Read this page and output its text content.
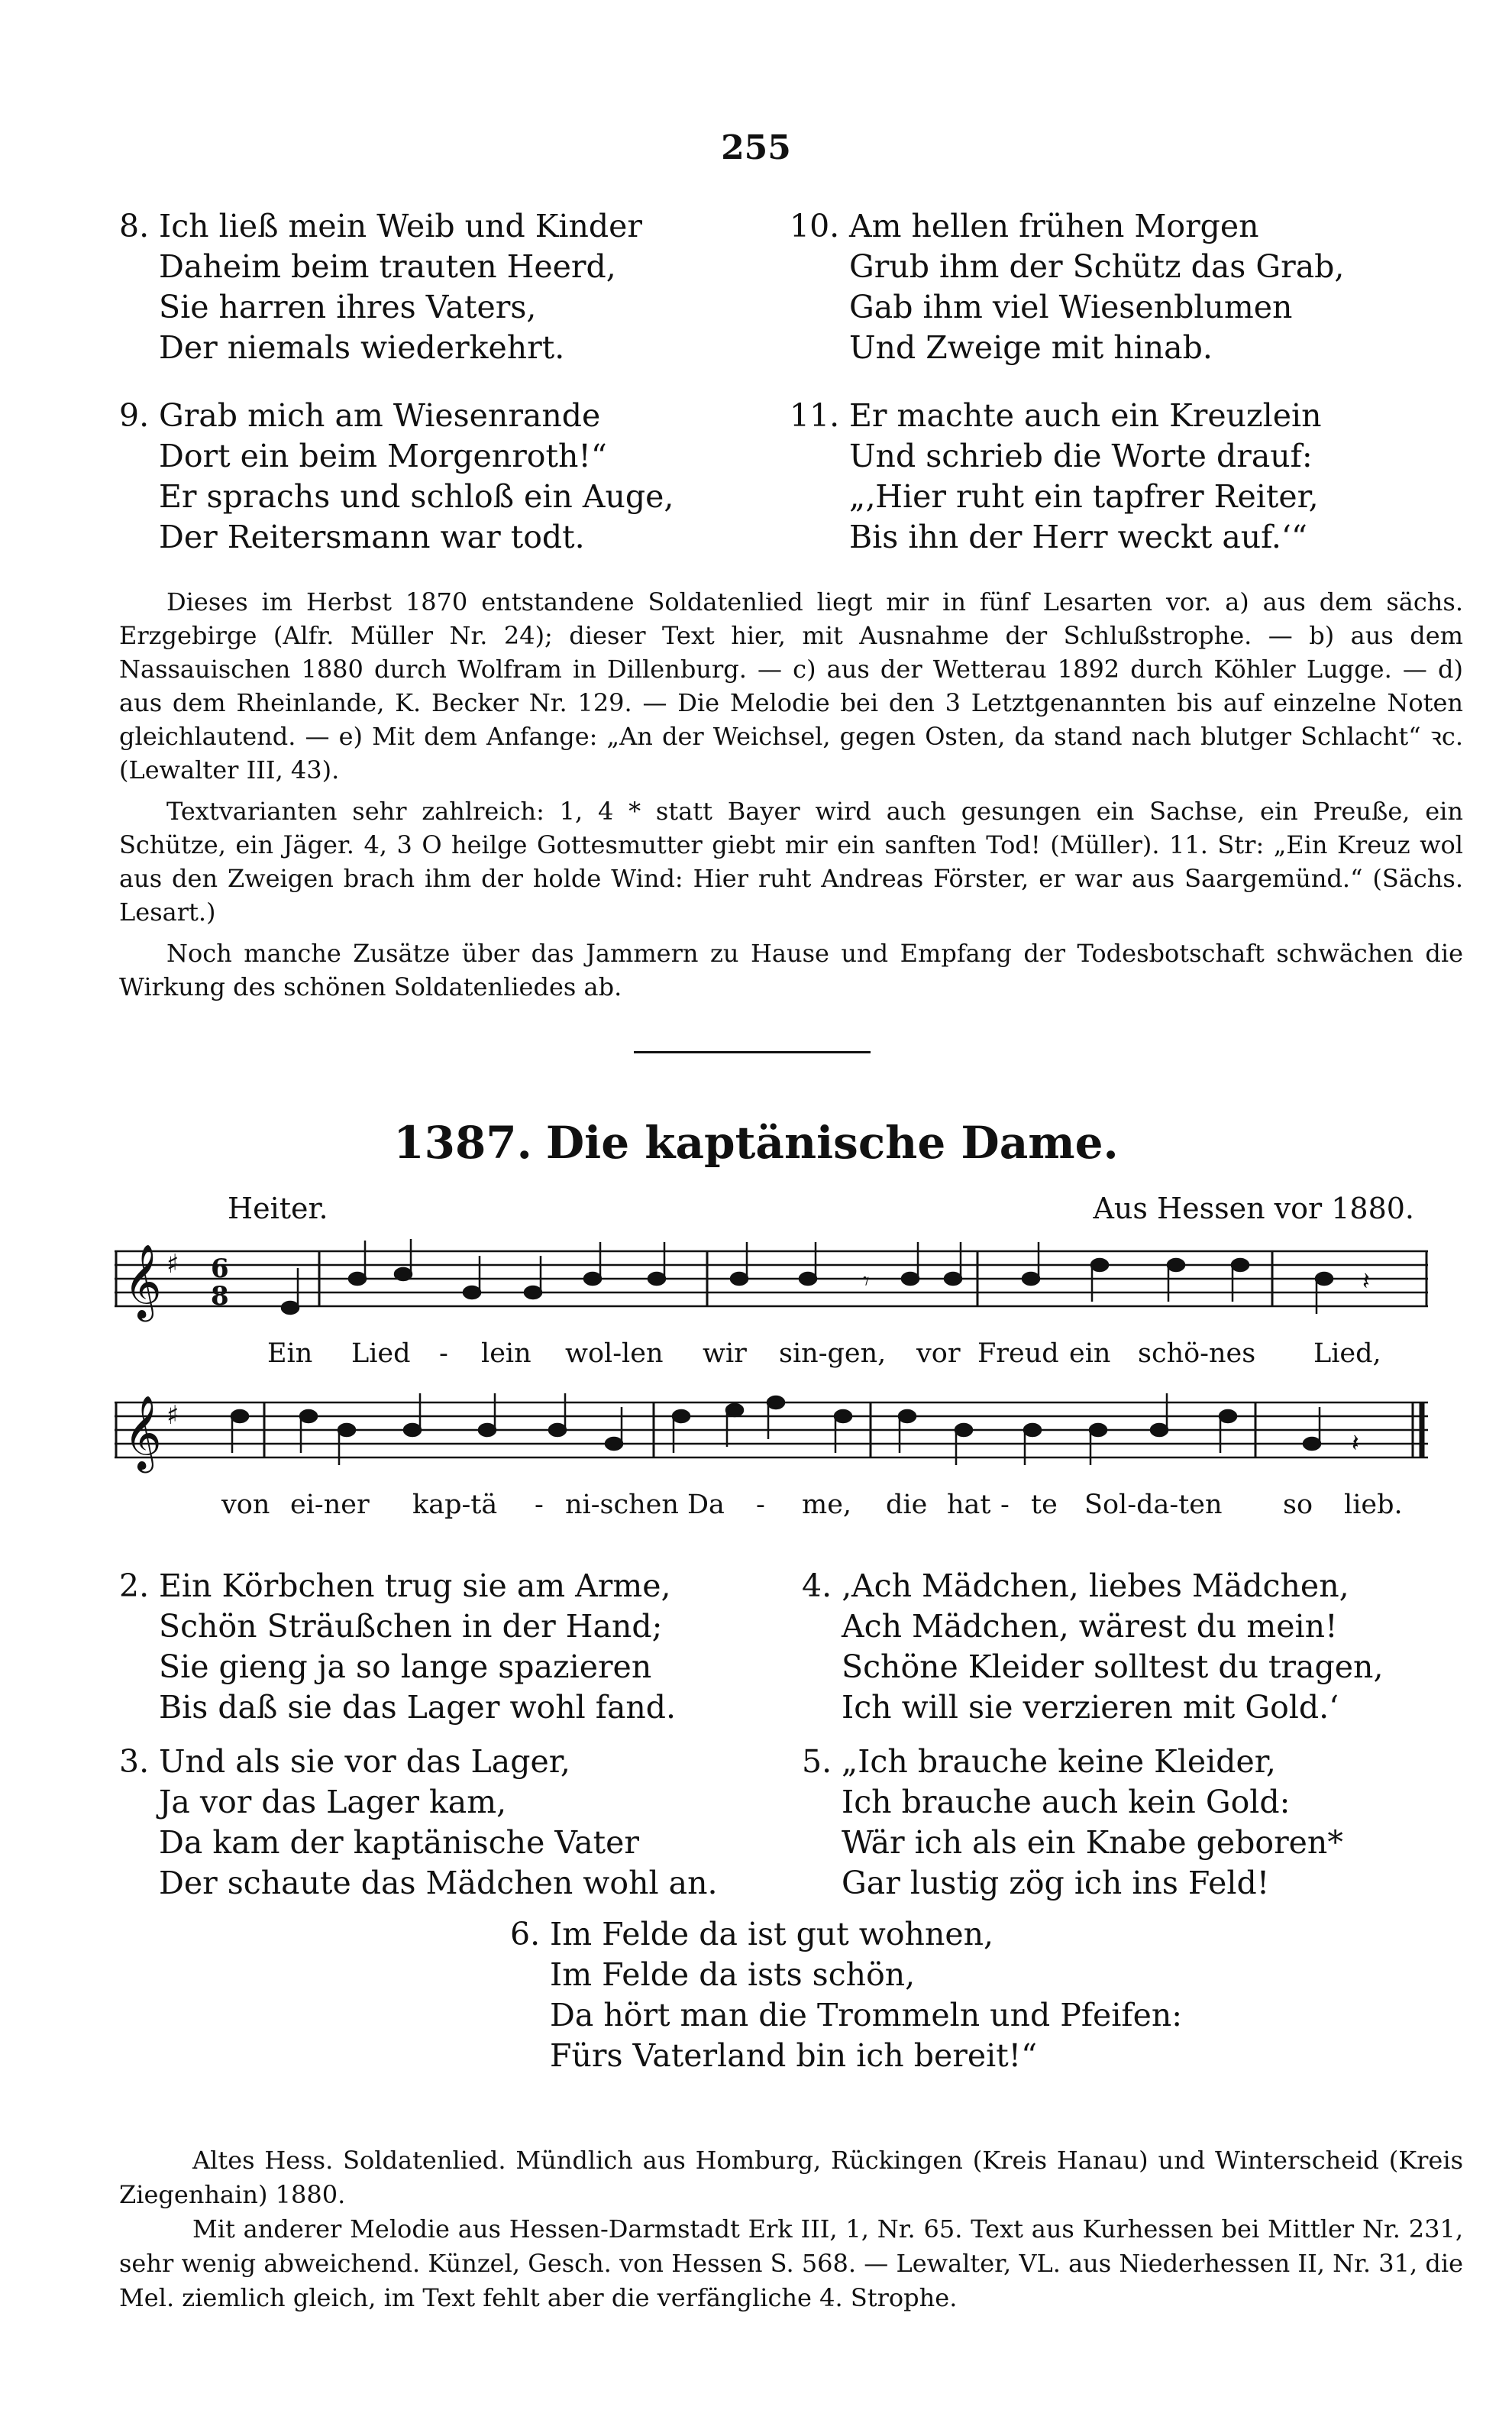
255
8. Ich ließ mein Weib und Kinder
Daheim beim trauten Heerd,
Sie harren ihres Vaters,
Der niemals wiederkehrt.
9. Grab mich am Wiesenrande
Dort ein beim Morgenroth!“
Er sprachs und schloß ein Auge,
Der Reitersmann war todt.
10. Am hellen frühen Morgen
Grub ihm der Schütz das Grab,
Gab ihm viel Wiesenblumen
Und Zweige mit hinab.
11. Er machte auch ein Kreuzlein
Und schrieb die Worte drauf:
„‚Hier ruht ein tapfrer Reiter,
Bis ihn der Herr weckt auf.‘“

Dieses im Herbst 1870 entstandene Soldatenlied liegt mir in fünf Lesarten vor. a) aus dem sächs. Erzgebirge (Alfr. Müller Nr. 24); dieser Text hier, mit Ausnahme der Schlußstrophe. — b) aus dem Nassauischen 1880 durch Wolfram in Dillenburg. — c) aus der Wetterau 1892 durch Köhler Lugge. — d) aus dem Rheinlande, K. Becker Nr. 129. — Die Melodie bei den 3 Letztgenannten bis auf einzelne Noten gleichlautend. — e) Mit dem Anfange: „An der Weichsel, gegen Osten, da stand nach blutger Schlacht“ ꝛc. (Lewalter III, 43).

Textvarianten sehr zahlreich: 1, 4 * statt Bayer wird auch gesungen ein Sachse, ein Preuße, ein Schütze, ein Jäger. 4, 3 O heilge Gottesmutter giebt mir ein sanften Tod! (Müller). 11. Str: „Ein Kreuz wol aus den Zweigen brach ihm der holde Wind: Hier ruht Andreas Förster, er war aus Saargemünd.“ (Sächs. Lesart.)

Noch manche Zusätze über das Jammern zu Hause und Empfang der Todesbotschaft schwächen die Wirkung des schönen Soldatenliedes ab.

1387. Die kaptänische Dame.
Heiter.	Aus Hessen vor 1880.
𝄞 ♯ 6
8	𝄾	𝄽
Ein Lied - lein wol-len wir sin-gen, vor Freud ein schö-nes Lied,
𝄞 ♯
𝄽
von ei-ner kap-tä - ni-schen Da - me, die hat - te Sol-da-ten so lieb.
2. Ein Körbchen trug sie am Arme,
Schön Sträußchen in der Hand;
Sie gieng ja so lange spazieren
Bis daß sie das Lager wohl fand.
3. Und als sie vor das Lager,
Ja vor das Lager kam,
Da kam der kaptänische Vater
Der schaute das Mädchen wohl an.
4. ‚Ach Mädchen, liebes Mädchen,
Ach Mädchen, wärest du mein!
Schöne Kleider solltest du tragen,
Ich will sie verzieren mit Gold.‘
5. „Ich brauche keine Kleider,
Ich brauche auch kein Gold:
Wär ich als ein Knabe geboren*
Gar lustig zög ich ins Feld!
6. Im Felde da ist gut wohnen,
Im Felde da ists schön,
Da hört man die Trommeln und Pfeifen:
Fürs Vaterland bin ich bereit!“

Altes Hess. Soldatenlied. Mündlich aus Homburg, Rückingen (Kreis Hanau) und Winterscheid (Kreis Ziegenhain) 1880.

Mit anderer Melodie aus Hessen-Darmstadt Erk III, 1, Nr. 65. Text aus Kurhessen bei Mittler Nr. 231, sehr wenig abweichend. Künzel, Gesch. von Hessen S. 568. — Lewalter, VL. aus Niederhessen II, Nr. 31, die Mel. ziemlich gleich, im Text fehlt aber die verfängliche 4. Strophe.
